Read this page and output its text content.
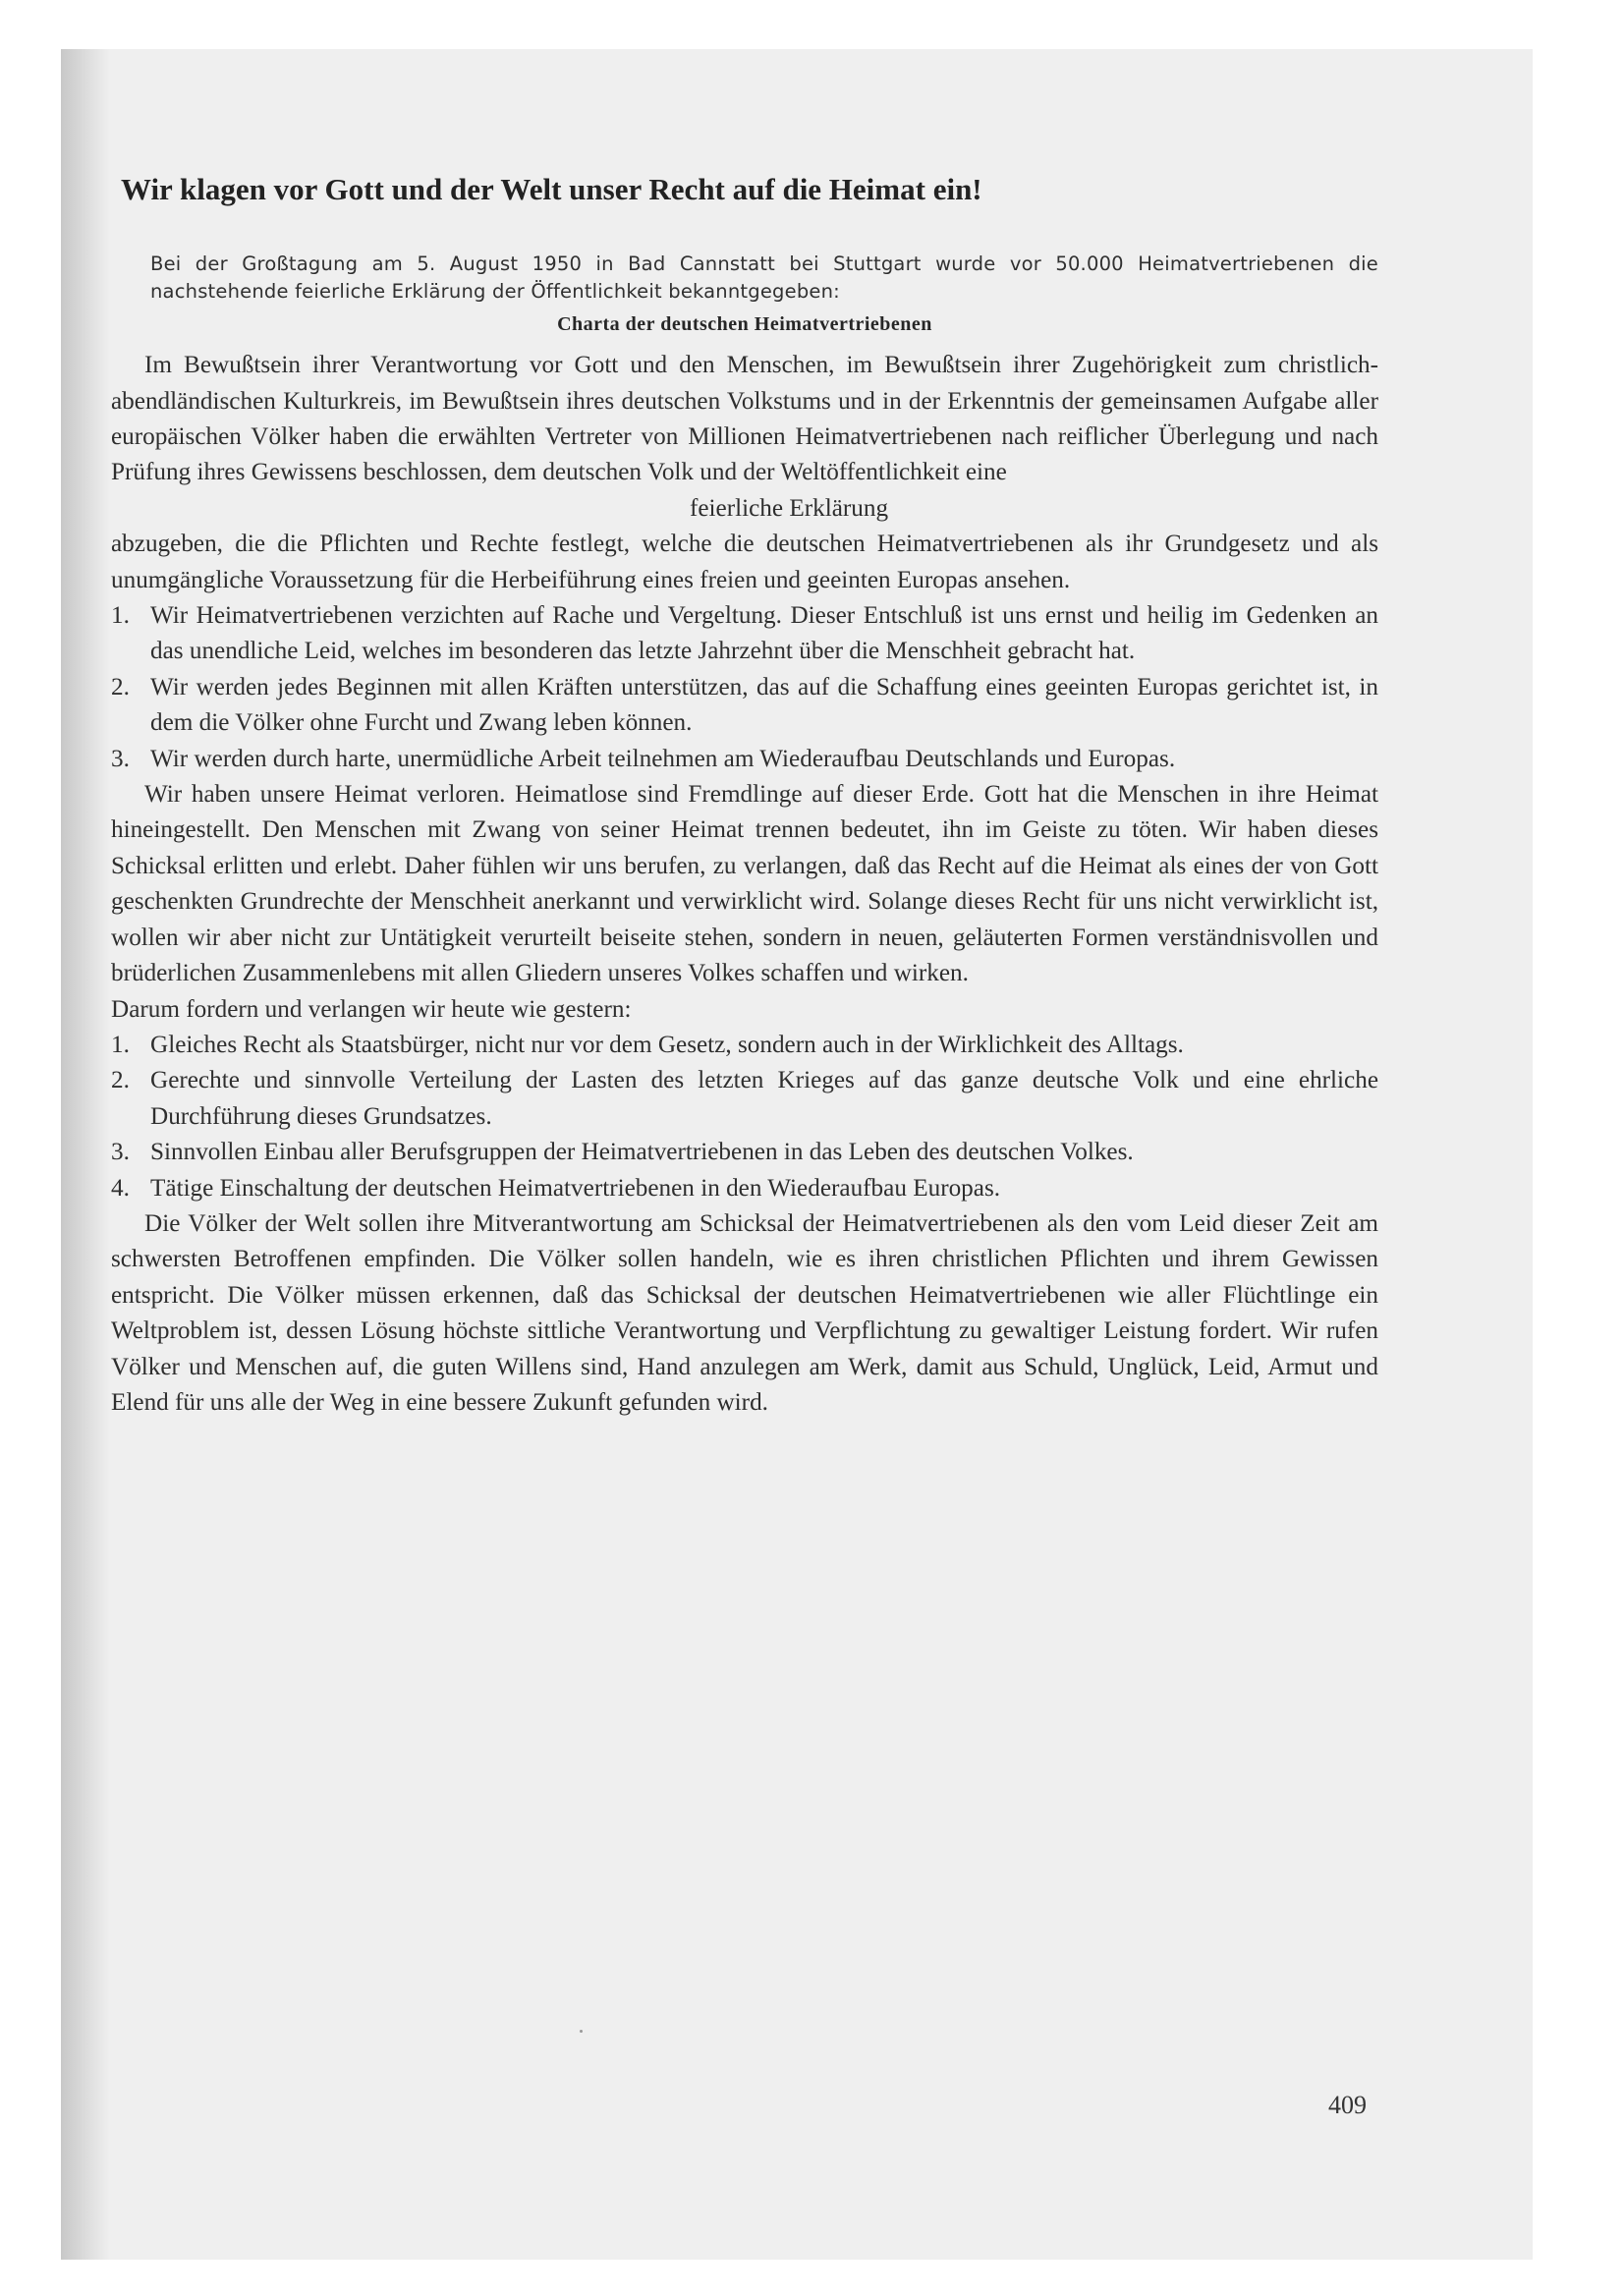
Wir klagen vor Gott und der Welt unser Recht auf die Heimat ein!

Bei der Großtagung am 5. August 1950 in Bad Cannstatt bei Stuttgart wurde vor 50.000 Heimatvertriebenen die nachstehende feierliche Erklärung der Öffentlichkeit bekanntgegeben:

Charta der deutschen Heimatvertriebenen

Im Bewußtsein ihrer Verantwortung vor Gott und den Menschen, im Bewußtsein ihrer Zugehörigkeit zum christlich-abendländischen Kulturkreis, im Bewußtsein ihres deutschen Volkstums und in der Erkenntnis der gemeinsamen Aufgabe aller europäischen Völker haben die erwählten Vertreter von Millionen Heimatvertriebenen nach reiflicher Überlegung und nach Prüfung ihres Gewissens beschlossen, dem deutschen Volk und der Weltöffentlichkeit eine

feierliche Erklärung

abzugeben, die die Pflichten und Rechte festlegt, welche die deutschen Heimatvertriebenen als ihr Grundgesetz und als unumgängliche Voraussetzung für die Herbeiführung eines freien und geeinten Europas ansehen.

1. Wir Heimatvertriebenen verzichten auf Rache und Vergeltung. Dieser Entschluß ist uns ernst und heilig im Gedenken an das unendliche Leid, welches im besonderen das letzte Jahrzehnt über die Menschheit gebracht hat.
2. Wir werden jedes Beginnen mit allen Kräften unterstützen, das auf die Schaffung eines geeinten Europas gerichtet ist, in dem die Völker ohne Furcht und Zwang leben können.
3. Wir werden durch harte, unermüdliche Arbeit teilnehmen am Wiederaufbau Deutschlands und Europas.

Wir haben unsere Heimat verloren. Heimatlose sind Fremdlinge auf dieser Erde. Gott hat die Menschen in ihre Heimat hineingestellt. Den Menschen mit Zwang von seiner Heimat trennen bedeutet, ihn im Geiste zu töten. Wir haben dieses Schicksal erlitten und erlebt. Daher fühlen wir uns berufen, zu verlangen, daß das Recht auf die Heimat als eines der von Gott geschenkten Grundrechte der Menschheit anerkannt und verwirklicht wird. Solange dieses Recht für uns nicht verwirklicht ist, wollen wir aber nicht zur Untätigkeit verurteilt beiseite stehen, sondern in neuen, geläuterten Formen verständnisvollen und brüderlichen Zusammenlebens mit allen Gliedern unseres Volkes schaffen und wirken.

Darum fordern und verlangen wir heute wie gestern:

1. Gleiches Recht als Staatsbürger, nicht nur vor dem Gesetz, sondern auch in der Wirklichkeit des Alltags.
2. Gerechte und sinnvolle Verteilung der Lasten des letzten Krieges auf das ganze deutsche Volk und eine ehrliche Durchführung dieses Grundsatzes.
3. Sinnvollen Einbau aller Berufsgruppen der Heimatvertriebenen in das Leben des deutschen Volkes.
4. Tätige Einschaltung der deutschen Heimatvertriebenen in den Wiederaufbau Europas.

Die Völker der Welt sollen ihre Mitverantwortung am Schicksal der Heimatvertriebenen als den vom Leid dieser Zeit am schwersten Betroffenen empfinden. Die Völker sollen handeln, wie es ihren christlichen Pflichten und ihrem Gewissen entspricht. Die Völker müssen erkennen, daß das Schicksal der deutschen Heimatvertriebenen wie aller Flüchtlinge ein Weltproblem ist, dessen Lösung höchste sittliche Verantwortung und Verpflichtung zu gewaltiger Leistung fordert. Wir rufen Völker und Menschen auf, die guten Willens sind, Hand anzulegen am Werk, damit aus Schuld, Unglück, Leid, Armut und Elend für uns alle der Weg in eine bessere Zukunft gefunden wird.

409
